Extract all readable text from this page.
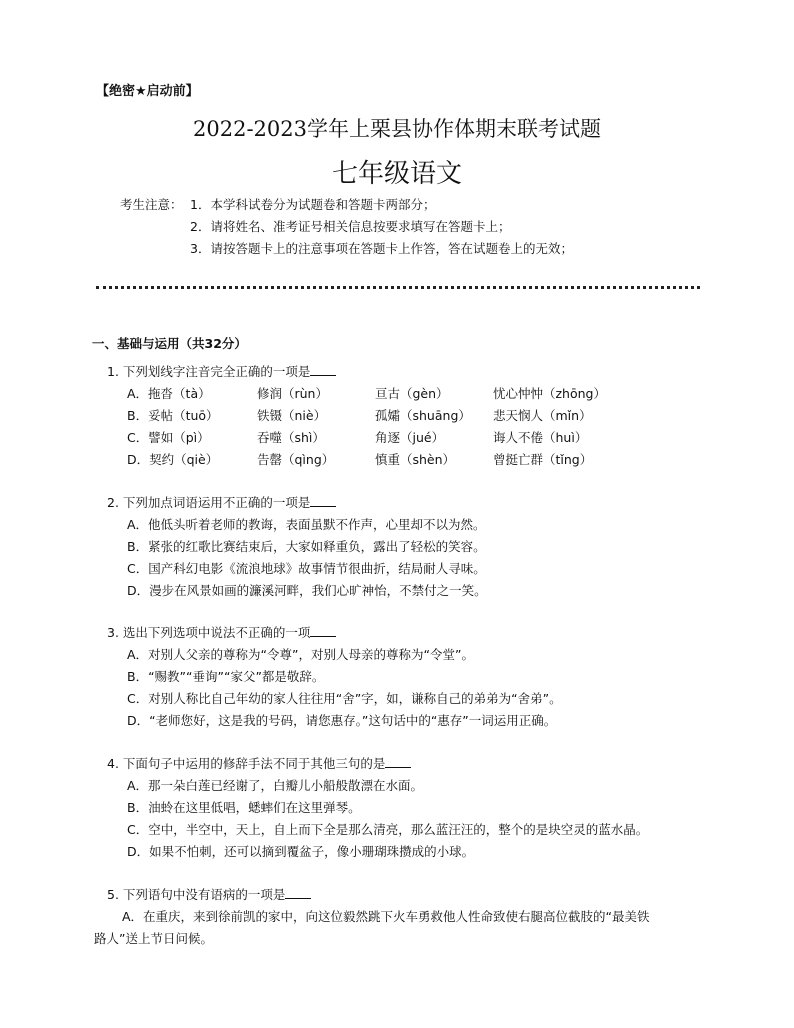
【绝密★启动前】
2022-2023学年上栗县协作体期末联考试题
七年级语文
考生注意： 1．本学科试卷分为试题卷和答题卡两部分；
2．请将姓名、准考证号相关信息按要求填写在答题卡上；
3．请按答题卡上的注意事项在答题卡上作答，答在试题卷上的无效；
一、基础与运用（共32分）
1. 下列划线字注音完全正确的一项是
A．拖沓（tà）	修润（rùn）	亘古（gèn）	忧心忡忡（zhōng）
B．妥帖（tuō）	铁镊（niè）	孤孀（shuāng）	悲天悯人（mǐn）
C．譬如（pì）	吞噬（shì）	角逐（jué）	诲人不倦（huì）
D．契约（qiè）	告罄（qìng）	慎重（shèn）	曾挺亡群（tǐng）
2. 下列加点词语运用不正确的一项是
A．他低头听着老师的教诲，表面虽默不作声，心里却不以为然。
B．紧张的红歌比赛结束后，大家如释重负，露出了轻松的笑容。
C．国产科幻电影《流浪地球》故事情节很曲折，结局耐人寻味。
D．漫步在风景如画的濂溪河畔，我们心旷神怡，不禁付之一笑。
3. 选出下列选项中说法不正确的一项
A．对别人父亲的尊称为“令尊”，对别人母亲的尊称为“令堂”。
B．“赐教”“垂询”“家父”都是敬辞。
C．对别人称比自己年幼的家人往往用“舍”字，如，谦称自己的弟弟为“舍弟”。
D．“老师您好，这是我的号码，请您惠存。”这句话中的“惠存”一词运用正确。
4. 下面句子中运用的修辞手法不同于其他三句的是
A．那一朵白莲已经谢了，白瓣儿小船般散漂在水面。
B．油蛉在这里低唱，蟋蟀们在这里弹琴。
C．空中，半空中，天上，自上而下全是那么清亮，那么蓝汪汪的，整个的是块空灵的蓝水晶。
D．如果不怕刺，还可以摘到覆盆子，像小珊瑚珠攒成的小球。
5. 下列语句中没有语病的一项是
A．在重庆，来到徐前凯的家中，向这位毅然跳下火车勇救他人性命致使右腿高位截肢的“最美铁
路人”送上节日问候。
